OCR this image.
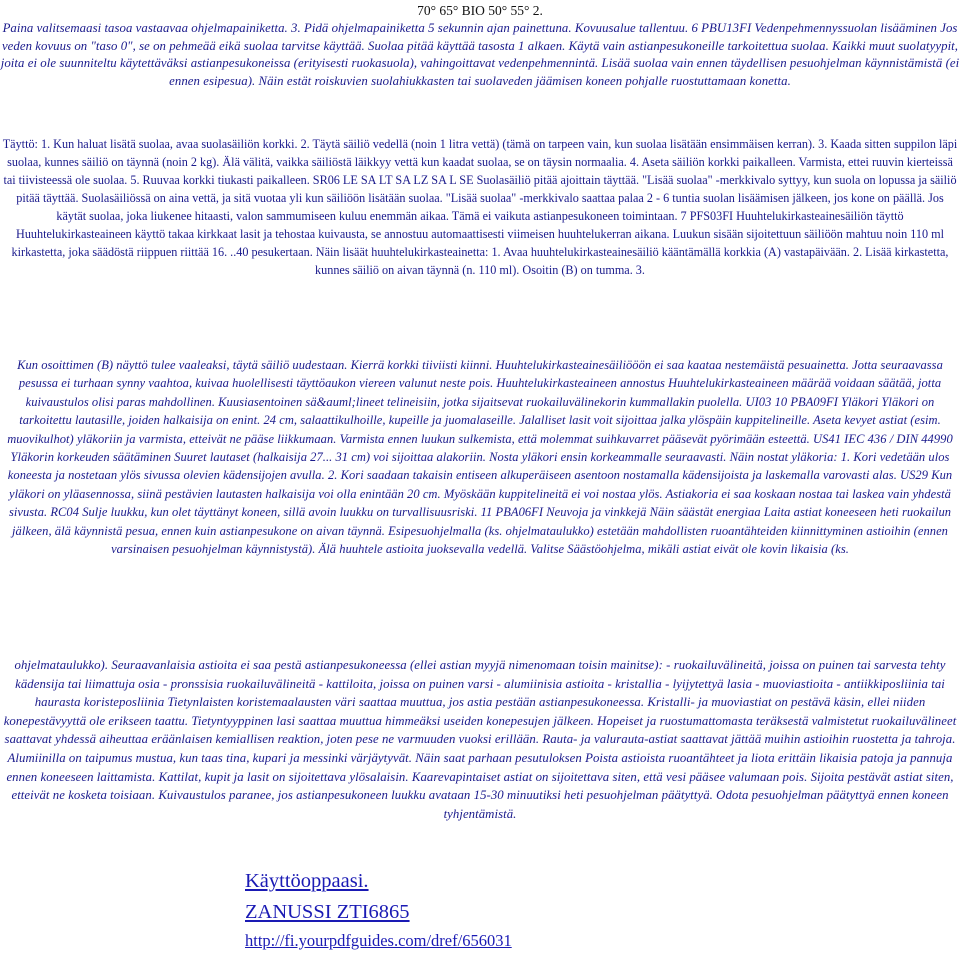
70° 65° BIO 50° 55° 2.

Paina valitsemaasi tasoa vastaavaa ohjelmapainiketta. 3. Pidä ohjelmapainiketta 5 sekunnin ajan painettuna. Kovuusalue tallentuu. 6 PBU13FI Vedenpehmennyssuolan lisääminen Jos veden kovuus on "taso 0", se on pehmeää eikä suolaa tarvitse käyttää. Suolaa pitää käyttää tasosta 1 alkaen. Käytä vain astianpesukoneille tarkoitettua suolaa. Kaikki muut suolatyypit, joita ei ole suunniteltu käytettäväksi astianpesukoneissa (erityisesti ruokasuola), vahingoittavat vedenpehmennintä. Lisää suolaa vain ennen täydellisen pesuohjelman käynnistämistä (ei ennen esipesua). Näin estät roiskuvien suolahiukkasten tai suolaveden jäämisen koneen pohjalle ruostuttamaan konetta.

Täyttö: 1. Kun haluat lisätä suolaa, avaa suolasäiliön korkki. 2. Täytä säiliö vedellä (noin 1 litra vettä) (tämä on tarpeen vain, kun suolaa lisätään ensimmäisen kerran). 3. Kaada sitten suppilon läpi suolaa, kunnes säiliö on täynnä (noin 2 kg). Älä välitä, vaikka säiliöstä läikkyy vettä kun kaadat suolaa, se on täysin normaalia. 4. Aseta säiliön korkki paikalleen. Varmista, ettei ruuvin kierteissä tai tiivisteessä ole suolaa. 5. Ruuvaa korkki tiukasti paikalleen. SR06 LE SA LT SA LZ SA L SE Suolasäiliö pitää ajoittain täyttää. "Lisää suolaa" -merkkivalo syttyy, kun suola on lopussa ja säiliö pitää täyttää. Suolasäiliössä on aina vettä, ja sitä vuotaa yli kun säiliöön lisätään suolaa. "Lisää suolaa" -merkkivalo saattaa palaa 2 - 6 tuntia suolan lisäämisen jälkeen, jos kone on päällä. Jos käytät suolaa, joka liukenee hitaasti, valon sammumiseen kuluu enemmän aikaa. Tämä ei vaikuta astianpesukoneen toimintaan. 7 PFS03FI Huuhtelukirkasteainesäiliön täyttö Huuhtelukirkasteaineen käyttö takaa kirkkaat lasit ja tehostaa kuivausta, se annostuu automaattisesti viimeisen huuhtelukerran aikana. Luukun sisään sijoitettuun säiliöön mahtuu noin 110 ml kirkastetta, joka säädöstä riippuen riittää 16. ..40 pesukertaan. Näin lisäät huuhtelukirkasteainetta: 1. Avaa huuhtelukirkasteainesäiliö kääntämällä korkkia (A) vastapäivään. 2. Lisää kirkastetta, kunnes säiliö on aivan täynnä (n. 110 ml). Osoitin (B) on tumma. 3.

Kun osoittimen (B) näyttö tulee vaaleaksi, täytä säiliö uudestaan. Kierrä korkki tiiviisti kiinni. Huuhtelukirkasteainesäiliööön ei saa kaataa nestemäistä pesuainetta. Jotta seuraavassa pesussa ei turhaan synny vaahtoa, kuivaa huolellisesti täyttöaukon viereen valunut neste pois. Huuhtelukirkasteaineen annostus Huuhtelukirkasteaineen määrää voidaan säätää, jotta kuivaustulos olisi paras mahdollinen. Kuusiasentoinen sä&auml;lineet telineisiin, jotka sijaitsevat ruokailuvälinekorin kummallakin puolella. UI03 10 PBA09FI Yläkori Yläkori on tarkoitettu lautasille, joiden halkaisija on enint. 24 cm, salaattikulhoille, kupeille ja juomalaseille. Jalalliset lasit voit sijoittaa jalka ylöspäin kuppitelineille. Aseta kevyet astiat (esim. muovikulhot) yläkoriin ja varmista, etteivät ne pääse liikkumaan. Varmista ennen luukun sulkemista, että molemmat suihkuvarret pääsevät pyörimään esteettä. US41 IEC 436 / DIN 44990 Yläkorin korkeuden säätäminen Suuret lautaset (halkaisija 27... 31 cm) voi sijoittaa alakoriin. Nosta yläkori ensin korkeammalle seuraavasti. Näin nostat yläkoria: 1. Kori vedetään ulos koneesta ja nostetaan ylös sivussa olevien kädensijojen avulla. 2. Kori saadaan takaisin entiseen alkuperäiseen asentoon nostamalla kädensijoista ja laskemalla varovasti alas. US29 Kun yläkori on yläasennossa, siinä pestävien lautasten halkaisija voi olla enintään 20 cm. Myöskään kuppitelineitä ei voi nostaa ylös. Astiakoria ei saa koskaan nostaa tai laskea vain yhdestä sivusta. RC04 Sulje luukku, kun olet täyttänyt koneen, sillä avoin luukku on turvallisuusriski. 11 PBA06FI Neuvoja ja vinkkejä Näin säästät energiaa Laita astiat koneeseen heti ruokailun jälkeen, älä käynnistä pesua, ennen kuin astianpesukone on aivan täynnä. Esipesuohjelmalla (ks. ohjelmataulukko) estetään mahdollisten ruoantähteiden kiinnittyminen astioihin (ennen varsinaisen pesuohjelman käynnistystä). Älä huuhtele astioita juoksevalla vedellä. Valitse Säästöohjelma, mikäli astiat eivät ole kovin likaisia (ks.

ohjelmataulukko). Seuraavanlaisia astioita ei saa pestä astianpesukoneessa (ellei astian myyjä nimenomaan toisin mainitse): - ruokailuvälineitä, joissa on puinen tai sarvesta tehty kädensija tai liimattuja osia - pronssisia ruokailuvälineitä - kattiloita, joissa on puinen varsi - alumiinisia astioita - kristallia - lyijytettyä lasia - muoviastioita - antiikkiposliinia tai haurasta koristeposliinia Tietynlaisten koristemaalausten väri saattaa muuttua, jos astia pestään astianpesukoneessa. Kristalli- ja muoviastiat on pestävä käsin, ellei niiden konepestävyyttä ole erikseen taattu. Tietyntyyppinen lasi saattaa muuttua himmeäksi useiden konepesujen jälkeen. Hopeiset ja ruostumattomasta teräksestä valmistetut ruokailuvälineet saattavat yhdessä aiheuttaa eräänlaisen kemiallisen reaktion, joten pese ne varmuuden vuoksi erillään. Rauta- ja valurauta-astiat saattavat jättää muihin astioihin ruostetta ja tahroja. Alumiinilla on taipumus mustua, kun taas tina, kupari ja messinki värjäytyvät. Näin saat parhaan pesutuloksen Poista astioista ruoantähteet ja liota erittäin likaisia patoja ja pannuja ennen koneeseen laittamista. Kattilat, kupit ja lasit on sijoitettava ylösalaisin. Kaarevapintaiset astiat on sijoitettava siten, että vesi pääsee valumaan pois. Sijoita pestävät astiat siten, etteivät ne kosketa toisiaan. Kuivaustulos paranee, jos astianpesukoneen luukku avataan 15-30 minuutiksi heti pesuohjelman päätyttyä. Odota pesuohjelman päätyttyä ennen koneen tyhjentämistä.

Käyttöoppaasi.
ZANUSSI ZTI6865
http://fi.yourpdfguides.com/dref/656031
